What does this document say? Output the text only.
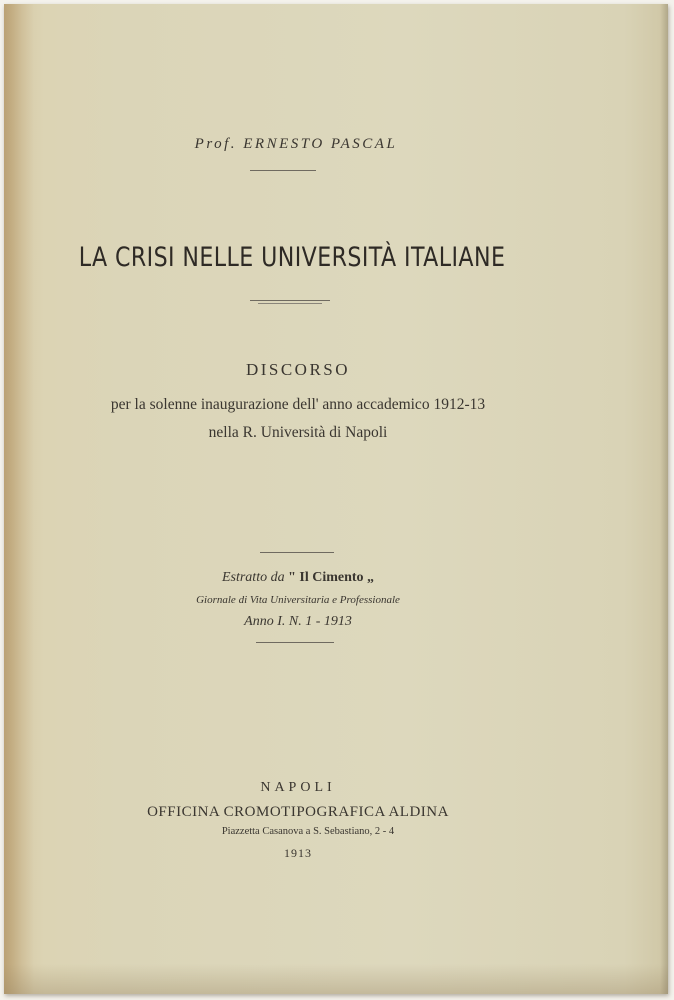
Prof. ERNESTO PASCAL
LA CRISI NELLE UNIVERSITÀ ITALIANE
DISCORSO
per la solenne inaugurazione dell' anno accademico 1912-13
nella R. Università di Napoli
Estratto da " Il Cimento „
Giornale di Vita Universitaria e Professionale
Anno I. N. 1 - 1913
NAPOLI
OFFICINA CROMOTIPOGRAFICA ALDINA
Piazzetta Casanova a S. Sebastiano, 2 - 4
1913
